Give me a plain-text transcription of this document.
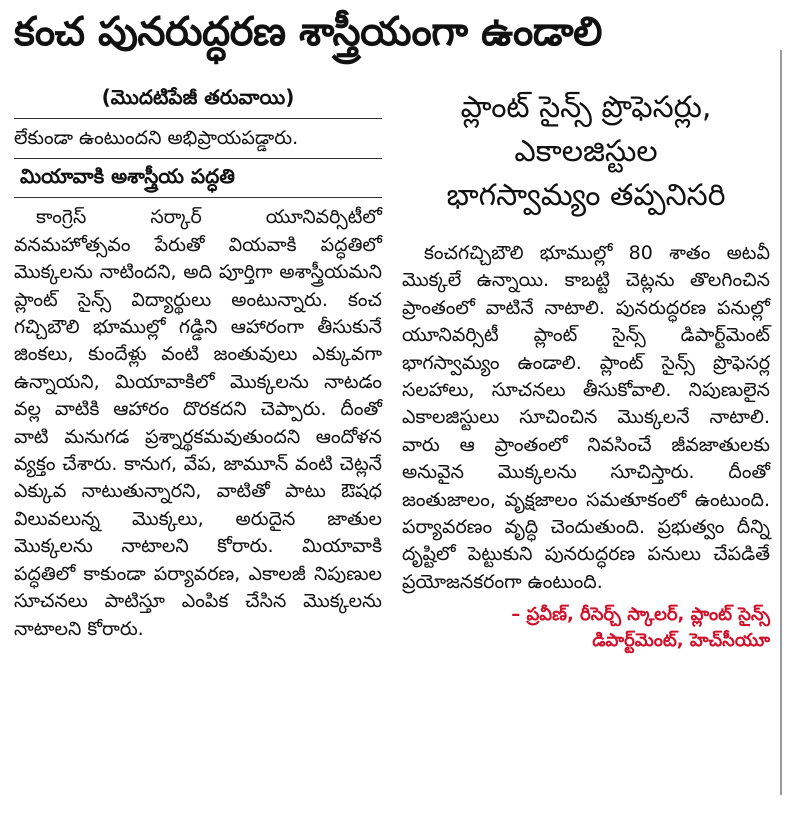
కంచ పునరుద్ధరణ శాస్త్రీయంగా ఉండాలి
(మొదటిపేజీ తరువాయి)
లేకుండా ఉంటుందని అభిప్రాయపడ్డారు.
మియావాకి అశాస్త్రీయ పద్ధతి

కాంగ్రెస్ సర్కార్ యూనివర్సిటీలో వనమహోత్సవం పేరుతో వియవాకి పద్ధతిలో మొక్కలను నాటిందని, అది పూర్తిగా అశాస్త్రీయమని ప్లాంట్ సైన్స్ విద్యార్థులు అంటున్నారు. కంచ గచ్చిబౌలి భూముల్లో గడ్డిని ఆహారంగా తీసుకునే జింకలు, కుందేళ్లు వంటి జంతువులు ఎక్కువగా ఉన్నాయని, మియావాకిలో మొక్కలను నాటడం వల్ల వాటికి ఆహారం దొరకదని చెప్పారు. దీంతో వాటి మనుగడ ప్రశ్నార్థకమవుతుందని ఆందోళన వ్యక్తం చేశారు. కానుగ, వేప, జామూన్ వంటి చెట్లనే ఎక్కువ నాటుతున్నారని, వాటితో పాటు ఔషధ విలువలున్న మొక్కలు, అరుదైన జాతుల మొక్కలను నాటాలని కోరారు. మియావాకి పద్ధతిలో కాకుండా పర్యావరణ, ఎకాలజీ నిపుణుల సూచనలు పాటిస్తూ ఎంపిక చేసిన మొక్కలను నాటాలని కోరారు.

ప్లాంట్ సైన్స్ ప్రొఫెసర్లు,
ఎకాలజిస్టుల
భాగస్వామ్యం తప్పనిసరి

కంచగచ్చిబౌలి భూముల్లో 80 శాతం అటవీ మొక్కలే ఉన్నాయి. కాబట్టి చెట్లను తొలగించిన ప్రాంతంలో వాటినే నాటాలి. పునరుద్ధరణ పనుల్లో యూనివర్సిటీ ప్లాంట్ సైన్స్ డిపార్ట్‌మెంట్ భాగస్వామ్యం ఉండాలి. ప్లాంట్ సైన్స్ ప్రొఫెసర్ల సలహాలు, సూచనలు తీసుకోవాలి. నిపుణులైన ఎకాలజిస్టులు సూచించిన మొక్కలనే నాటాలి. వారు ఆ ప్రాంతంలో నివసించే జీవజాతులకు అనువైన మొక్కలను సూచిస్తారు. దీంతో జంతుజాలం, వృక్షజాలం సమతూకంలో ఉంటుంది. పర్యావరణం వృద్ధి చెందుతుంది. ప్రభుత్వం దీన్ని దృష్టిలో పెట్టుకుని పునరుద్ధరణ పనులు చేపడితే ప్రయోజనకరంగా ఉంటుంది.

– ప్రవీణ్, రీసెర్చ్ స్కాలర్, ప్లాంట్ సైన్స్
డిపార్ట్‌మెంట్, హెచ్‌సీయూ
